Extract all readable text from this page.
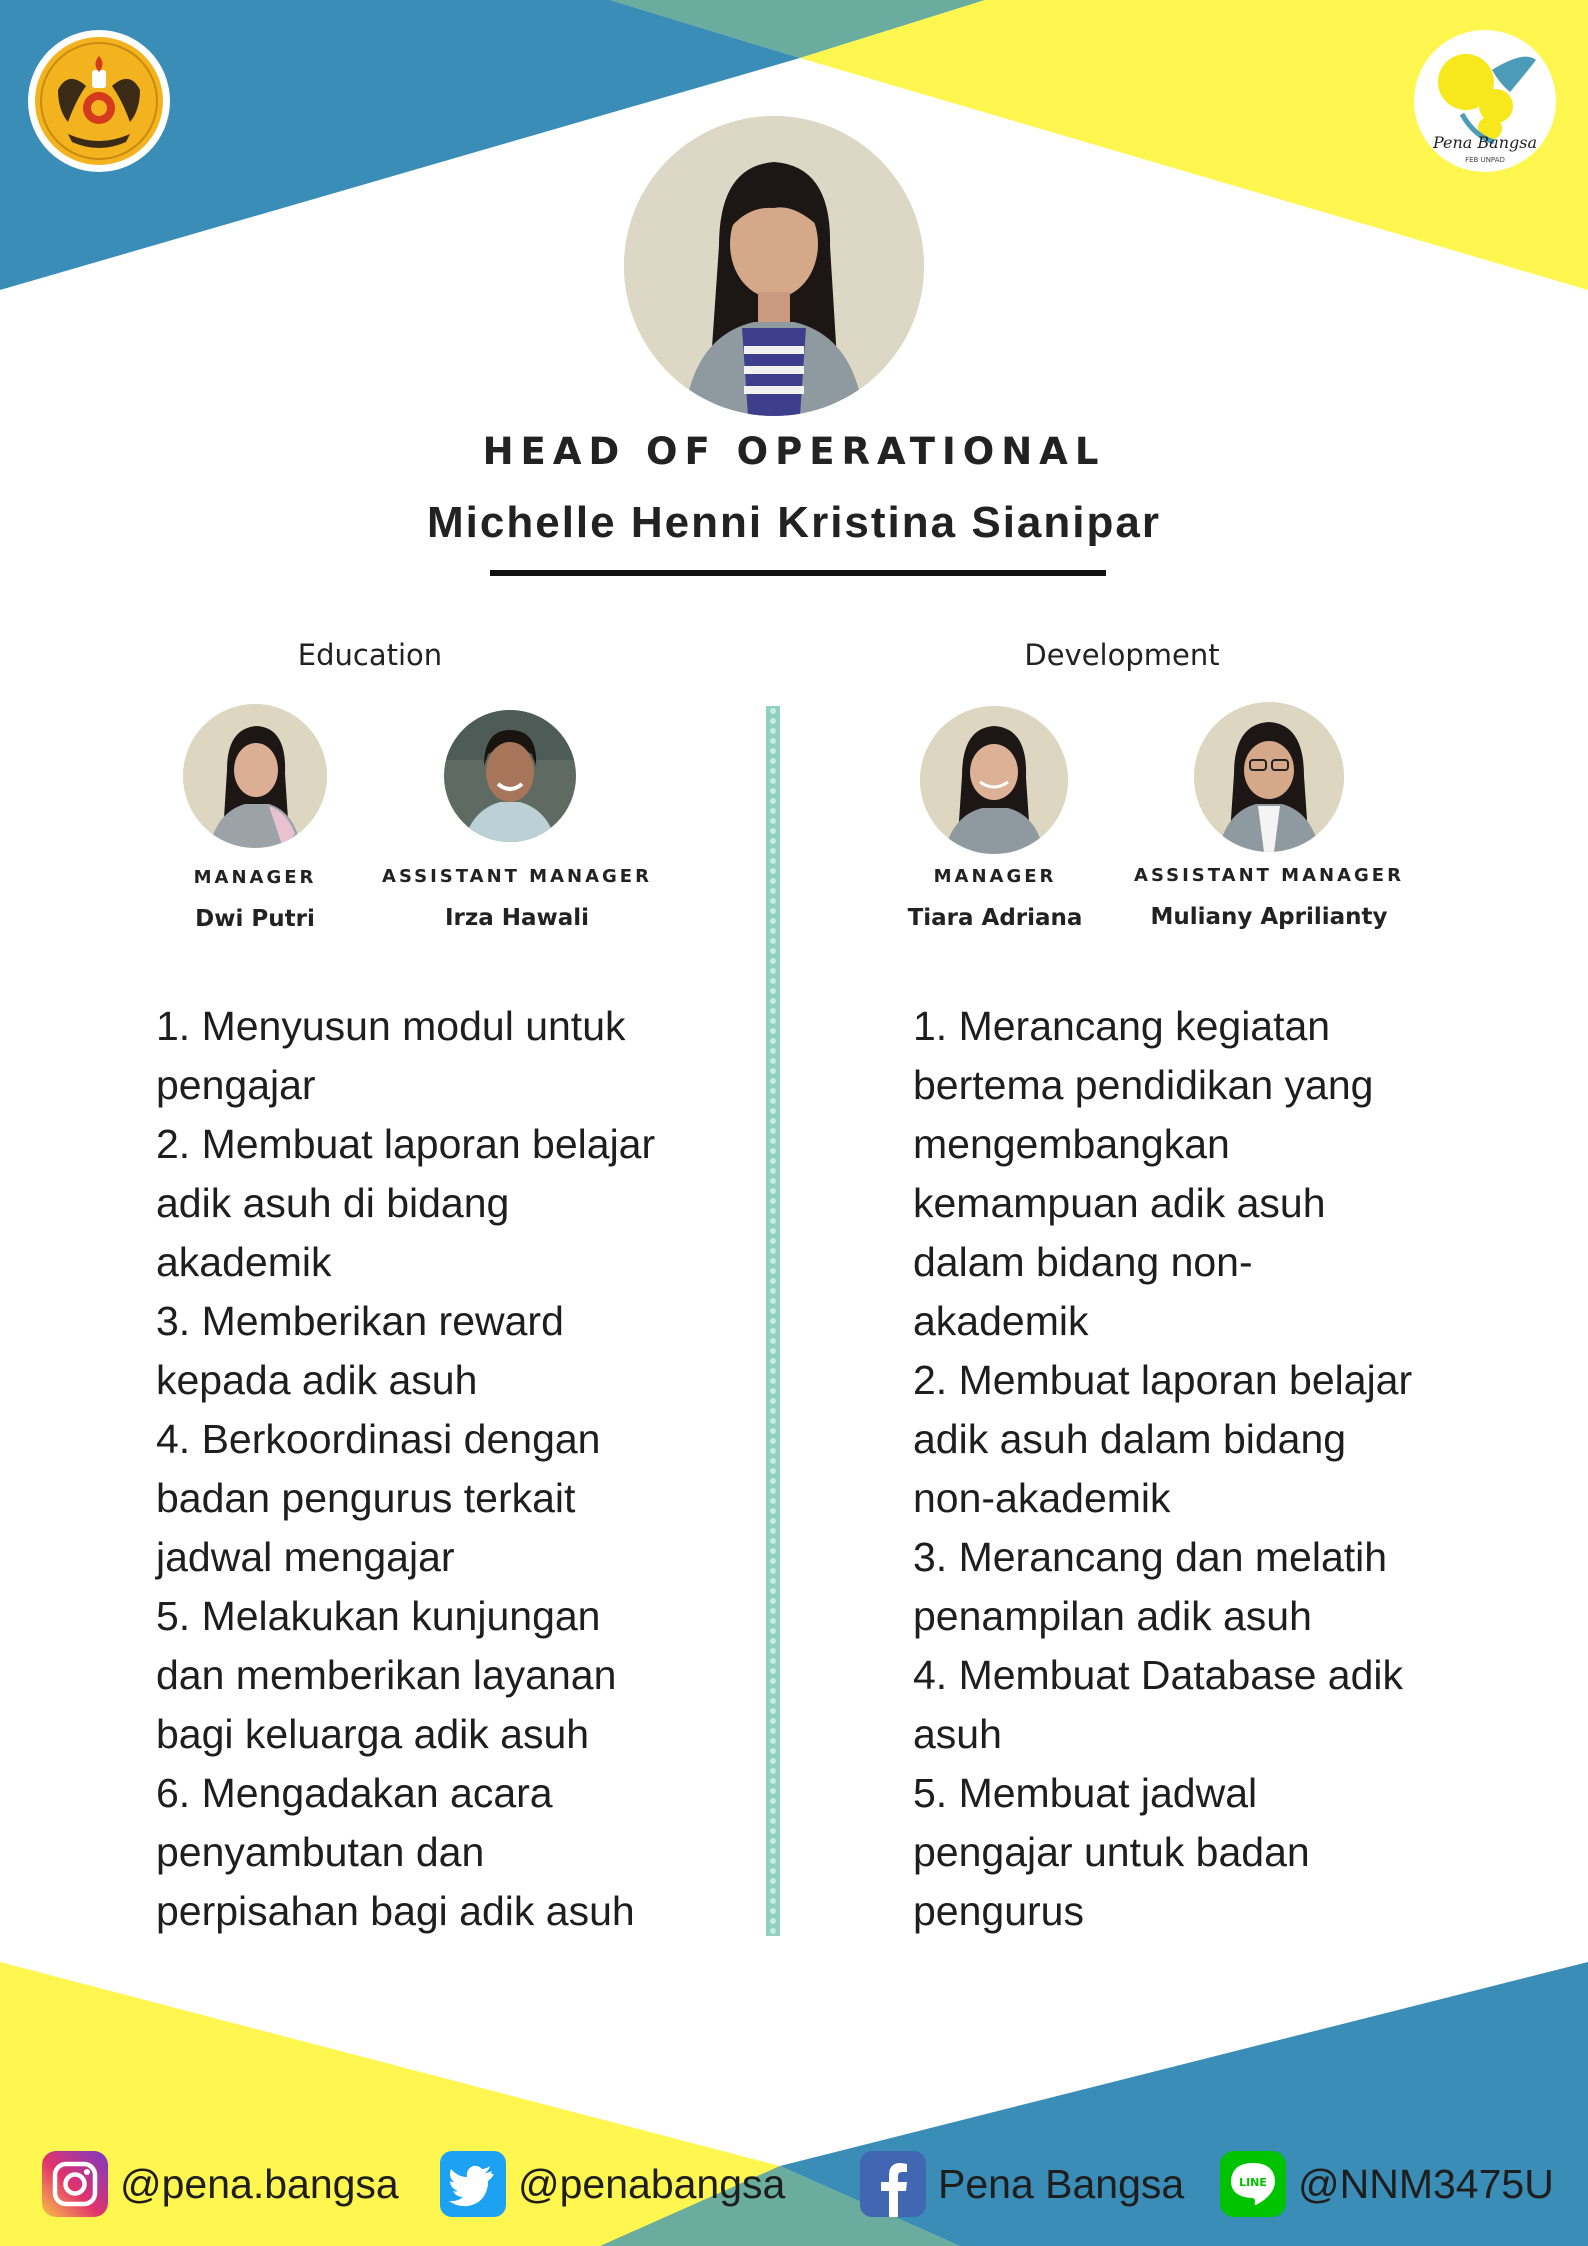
Pena Bangsa
FEB UNPAD
HEAD OF OPERATIONAL
Michelle Henni Kristina Sianipar
Education	Development
MANAGER
Dwi Putri
ASSISTANT MANAGER
Irza Hawali
MANAGER
Tiara Adriana
ASSISTANT MANAGER
Muliany Aprilianty
1. Menyusun modul untuk
pengajar
2. Membuat laporan belajar
adik asuh di bidang
akademik
3. Memberikan reward
kepada adik asuh
4. Berkoordinasi dengan
badan pengurus terkait
jadwal mengajar
5. Melakukan kunjungan
dan memberikan layanan
bagi keluarga adik asuh
6. Mengadakan acara
penyambutan dan
perpisahan bagi adik asuh
1. Merancang kegiatan
bertema pendidikan yang
mengembangkan
kemampuan adik asuh
dalam bidang non-
akademik
2. Membuat laporan belajar
adik asuh dalam bidang
non-akademik
3. Merancang dan melatih
penampilan adik asuh
4. Membuat Database adik
asuh
5. Membuat jadwal
pengajar untuk badan
pengurus
@pena.bangsa	@penabangsa	Pena Bangsa	LINE @NNM3475U
